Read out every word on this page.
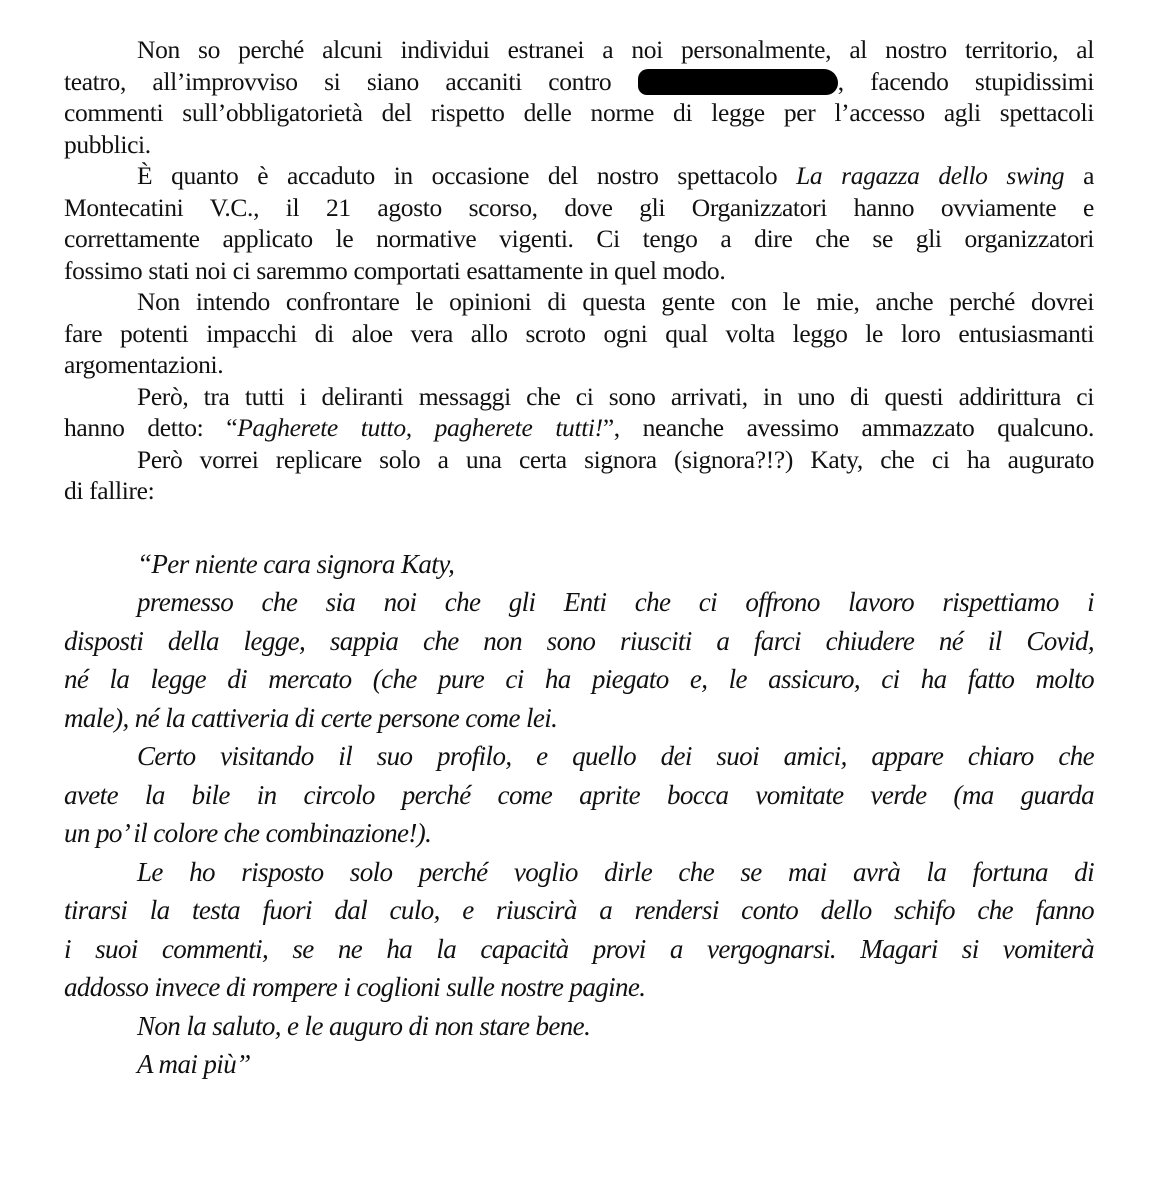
Non so perché alcuni individui estranei a noi personalmente, al nostro territorio, al
teatro, all’improvviso si siano accaniti contro	, facendo stupidissimi
commenti sull’obbligatorietà del rispetto delle norme di legge per l’accesso agli spettacoli
pubblici.
È quanto è accaduto in occasione del nostro spettacolo La ragazza dello swing a
Montecatini V.C., il 21 agosto scorso, dove gli Organizzatori hanno ovviamente e
correttamente applicato le normative vigenti. Ci tengo a dire che se gli organizzatori
fossimo stati noi ci saremmo comportati esattamente in quel modo.
Non intendo confrontare le opinioni di questa gente con le mie, anche perché dovrei
fare potenti impacchi di aloe vera allo scroto ogni qual volta leggo le loro entusiasmanti
argomentazioni.
Però, tra tutti i deliranti messaggi che ci sono arrivati, in uno di questi addirittura ci
hanno detto: “Pagherete tutto, pagherete tutti!”, neanche avessimo ammazzato qualcuno.
Però vorrei replicare solo a una certa signora (signora?!?) Katy, che ci ha augurato
di fallire:
“Per niente cara signora Katy,
premesso che sia noi che gli Enti che ci offrono lavoro rispettiamo i
disposti della legge, sappia che non sono riusciti a farci chiudere né il Covid,
né la legge di mercato (che pure ci ha piegato e, le assicuro, ci ha fatto molto
male), né la cattiveria di certe persone come lei.
Certo visitando il suo profilo, e quello dei suoi amici, appare chiaro che
avete la bile in circolo perché come aprite bocca vomitate verde (ma guarda
un po’ il colore che combinazione!).
Le ho risposto solo perché voglio dirle che se mai avrà la fortuna di
tirarsi la testa fuori dal culo, e riuscirà a rendersi conto dello schifo che fanno
i suoi commenti, se ne ha la capacità provi a vergognarsi. Magari si vomiterà
addosso invece di rompere i coglioni sulle nostre pagine.
Non la saluto, e le auguro di non stare bene.
A mai più”
